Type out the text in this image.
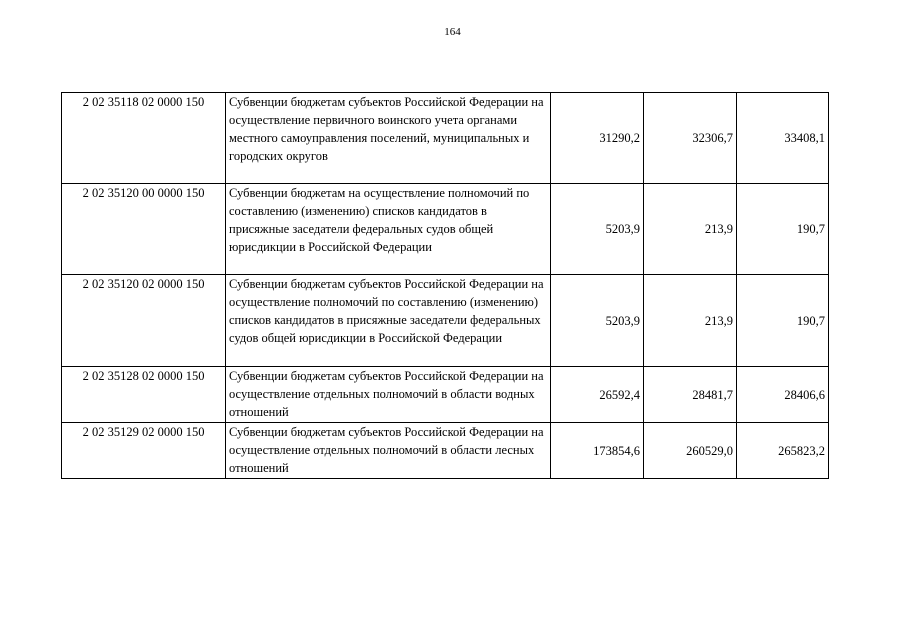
164
2 02 35118 02 0000 150	Субвенции бюджетам субъектов Российской Федерации на осуществление первичного воинского учета органами местного самоуправления поселений, муниципальных и городских округов	31290,2	32306,7	33408,1
2 02 35120 00 0000 150	Субвенции бюджетам на осуществление полномочий по составлению (изменению) списков кандидатов в присяжные заседатели федеральных судов общей юрисдикции в Российской Федерации	5203,9	213,9	190,7
2 02 35120 02 0000 150	Субвенции бюджетам субъектов Российской Федерации на осуществление полномочий по составлению (изменению) списков кандидатов в присяжные заседатели федеральных судов общей юрисдикции в Российской Федерации	5203,9	213,9	190,7
2 02 35128 02 0000 150	Субвенции бюджетам субъектов Российской Федерации на осуществление отдельных полномочий в области водных отношений	26592,4	28481,7	28406,6
2 02 35129 02 0000 150	Субвенции бюджетам субъектов Российской Федерации на осуществление отдельных полномочий в области лесных отношений	173854,6	260529,0	265823,2
